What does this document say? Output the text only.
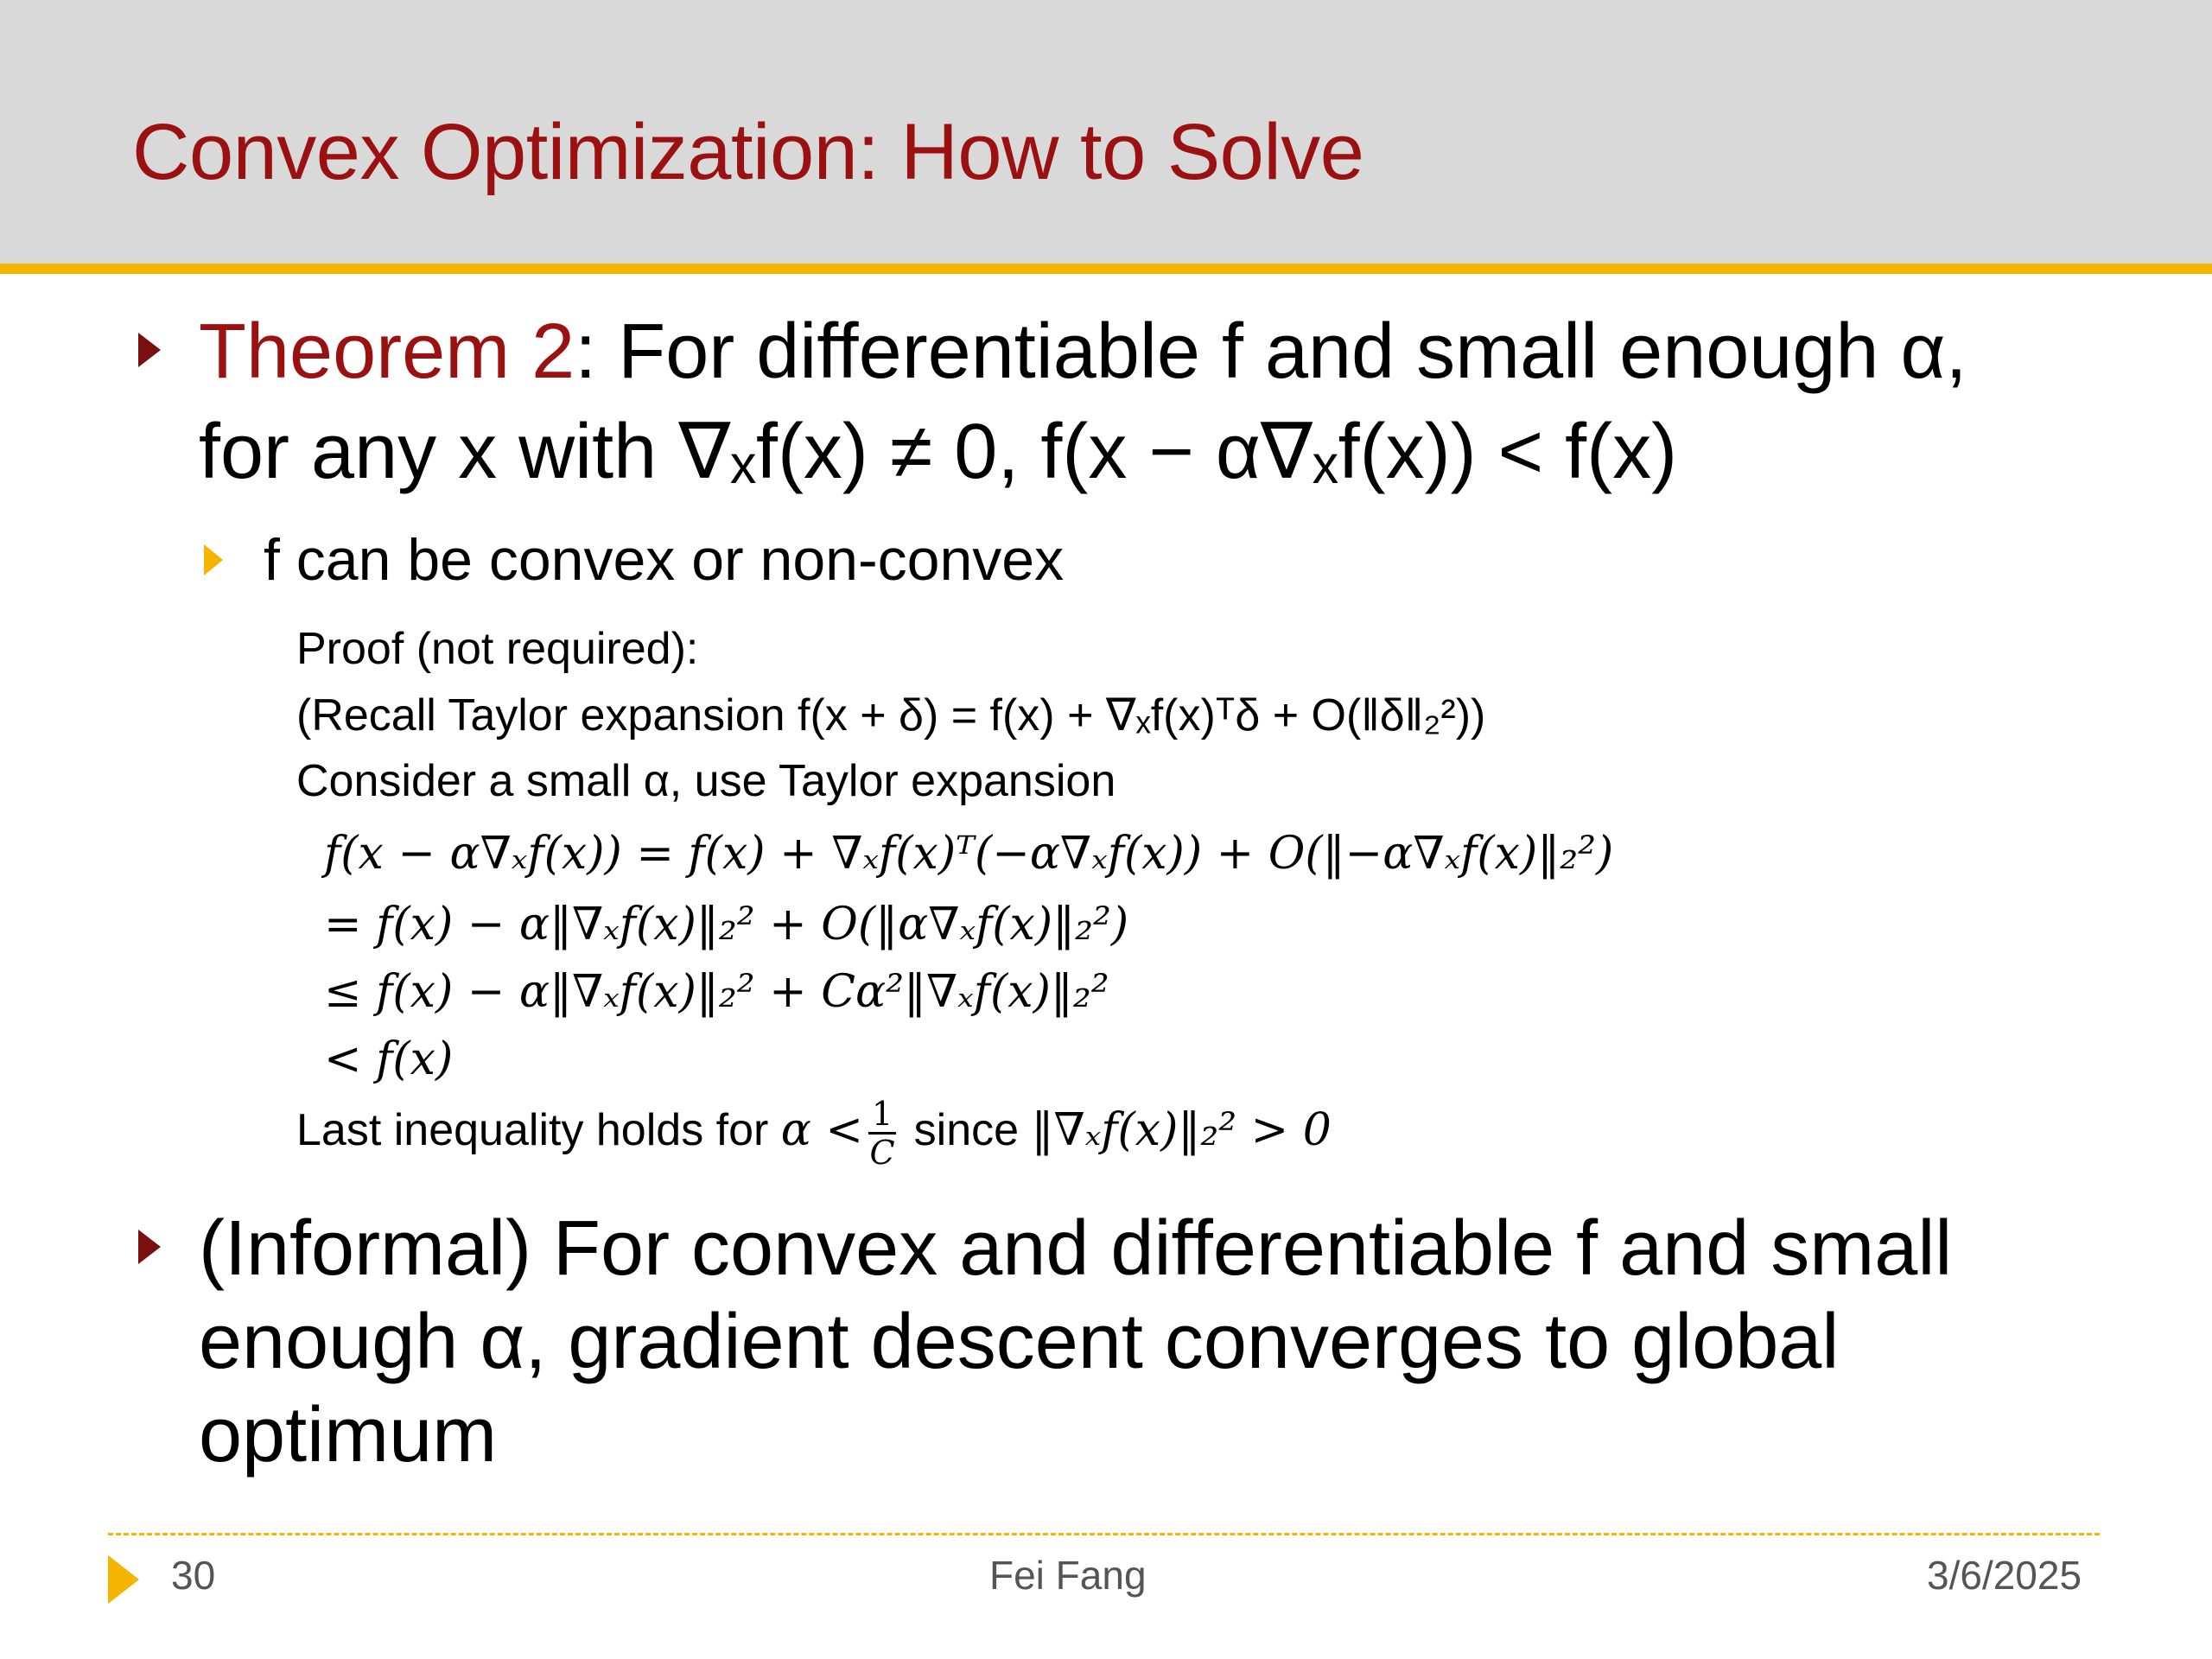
Convex Optimization: How to Solve
Theorem 2: For differentiable f and small enough α,
for any x with ∇ₓf(x) ≠ 0, f(x − α∇ₓf(x)) < f(x)
f can be convex or non-convex
Proof (not required):
(Recall Taylor expansion f(x + δ) = f(x) + ∇ₓf(x)ᵀδ + O(‖δ‖₂²))
Consider a small α, use Taylor expansion
f(x − α∇ₓf(x)) = f(x) + ∇ₓf(x)ᵀ(−α∇ₓf(x)) + O(‖−α∇ₓf(x)‖₂²)
= f(x) − α‖∇ₓf(x)‖₂² + O(‖α∇ₓf(x)‖₂²)
≤ f(x) − α‖∇ₓf(x)‖₂² + Cα²‖∇ₓf(x)‖₂²
< f(x)
Last inequality holds for $\alpha < \frac{1}{C}$ since ‖∇ₓf(x)‖₂² > 0
(Informal) For convex and differentiable f and small
enough α, gradient descent converges to global
optimum
30	Fei Fang	3/6/2025
